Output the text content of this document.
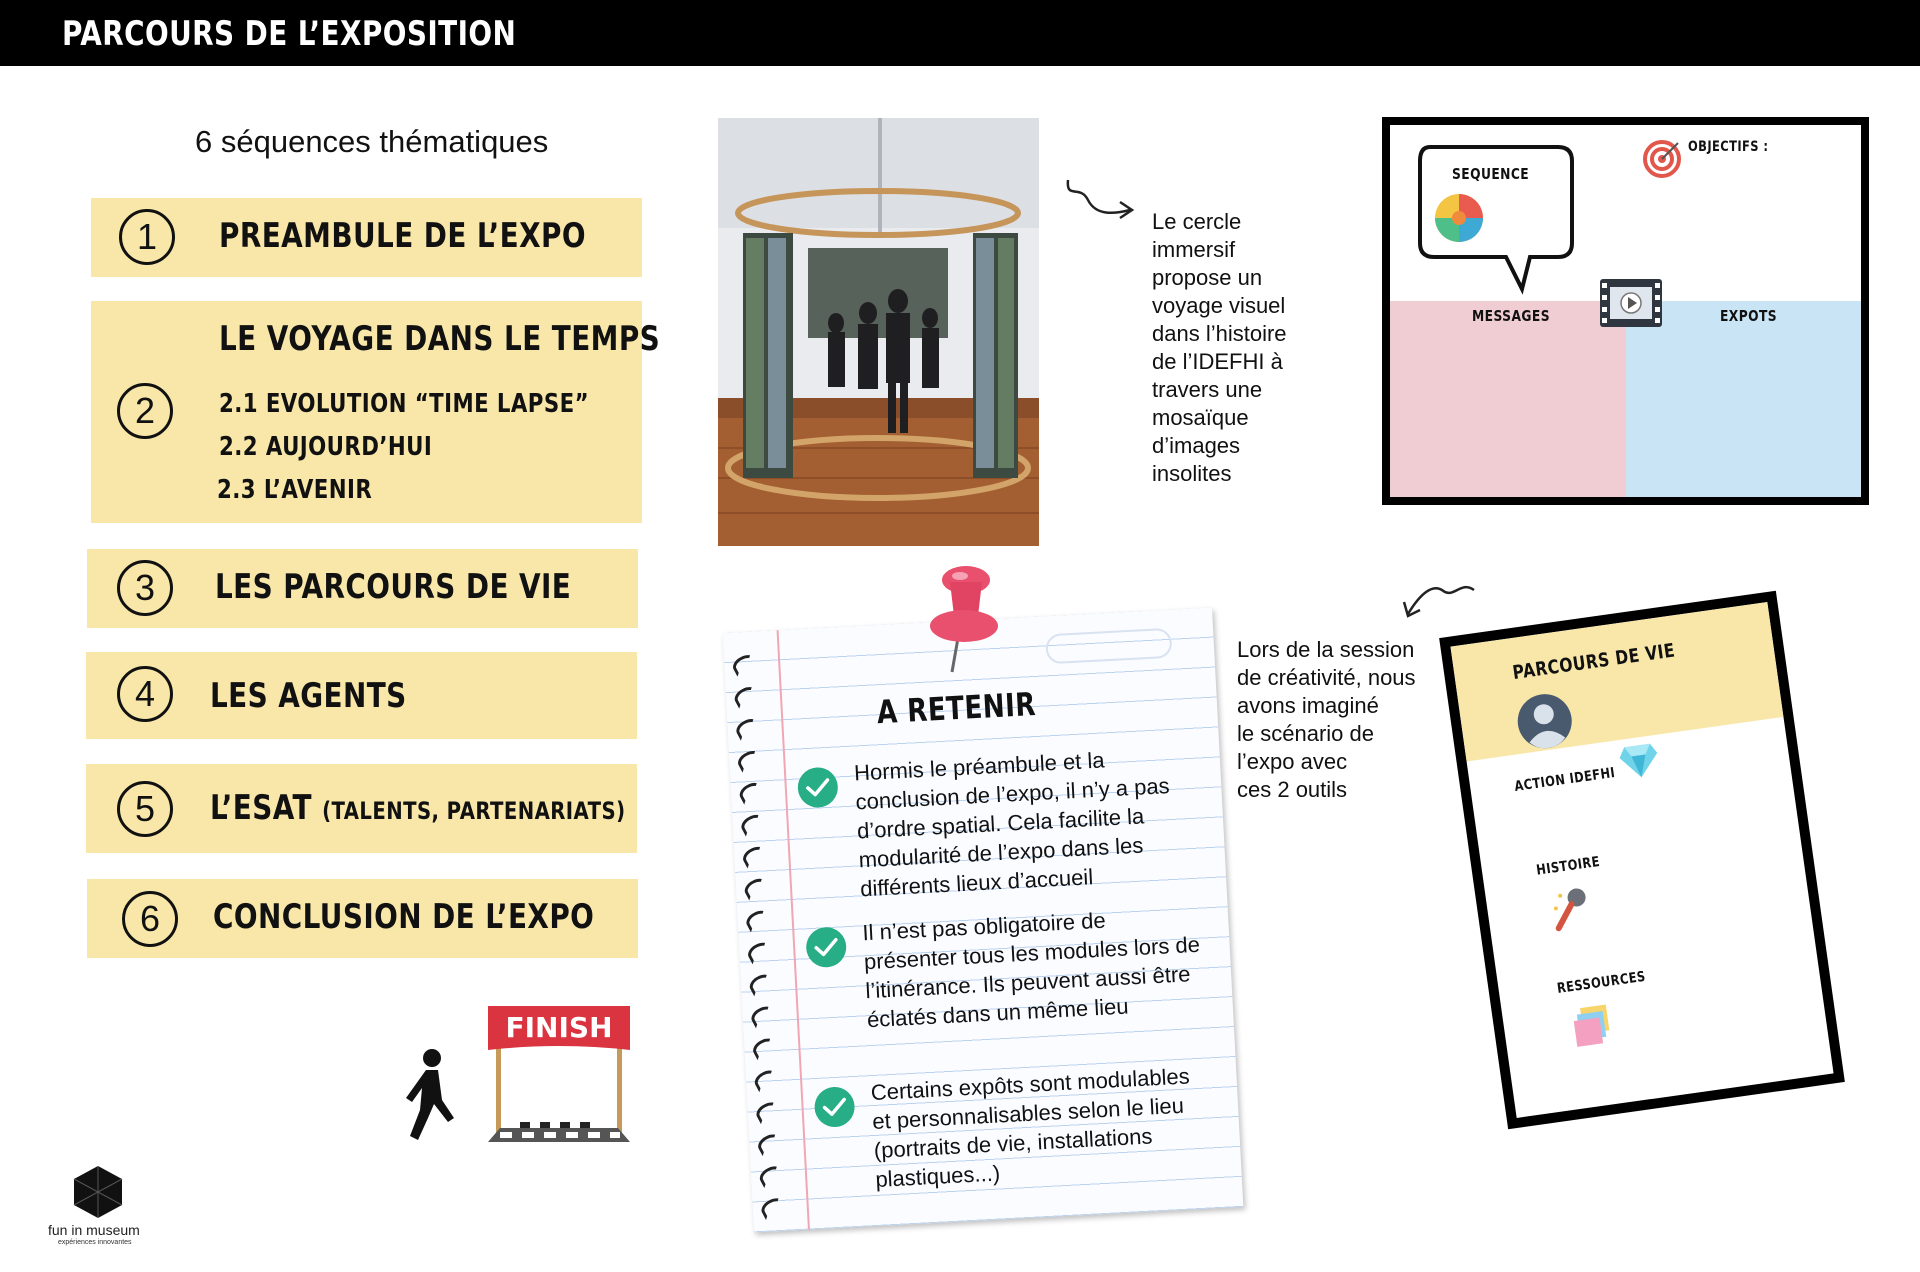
PARCOURS DE L’EXPOSITION
6 séquences thématiques
1	PREAMBULE DE L’EXPO
2
LE VOYAGE DANS LE TEMPS
2.1 EVOLUTION “TIME LAPSE”
2.2 AUJOURD’HUI
2.3 L’AVENIR
3	LES PARCOURS DE VIE
4	LES AGENTS
5	L’ESAT (TALENTS, PARTENARIATS)
6	CONCLUSION DE L’EXPO
Le cercle
immersif
propose un
voyage visuel
dans l’histoire
de l’IDEFHI à
travers une
mosaïque
d’images
insolites
SEQUENCE
OBJECTIFS :
MESSAGES	EXPOTS
Lors de la session
de créativité, nous
avons imaginé
le scénario de
l’expo avec
ces 2 outils
PARCOURS DE VIE
ACTION IDEFHI
HISTOIRE
RESSOURCES
A RETENIR

Hormis le préambule et la conclusion de l’expo, il n’y a pas d’ordre spatial. Cela facilite la modularité de l’expo dans les différents lieux d’accueil

Il n’est pas obligatoire de présenter tous les modules lors de l’itinérance. Ils peuvent aussi être éclatés dans un même lieu

Certains expôts sont modulables et personnalisables selon le lieu (portraits de vie, installations plastiques...)

FINISH
fun in museum
expériences innovantes
